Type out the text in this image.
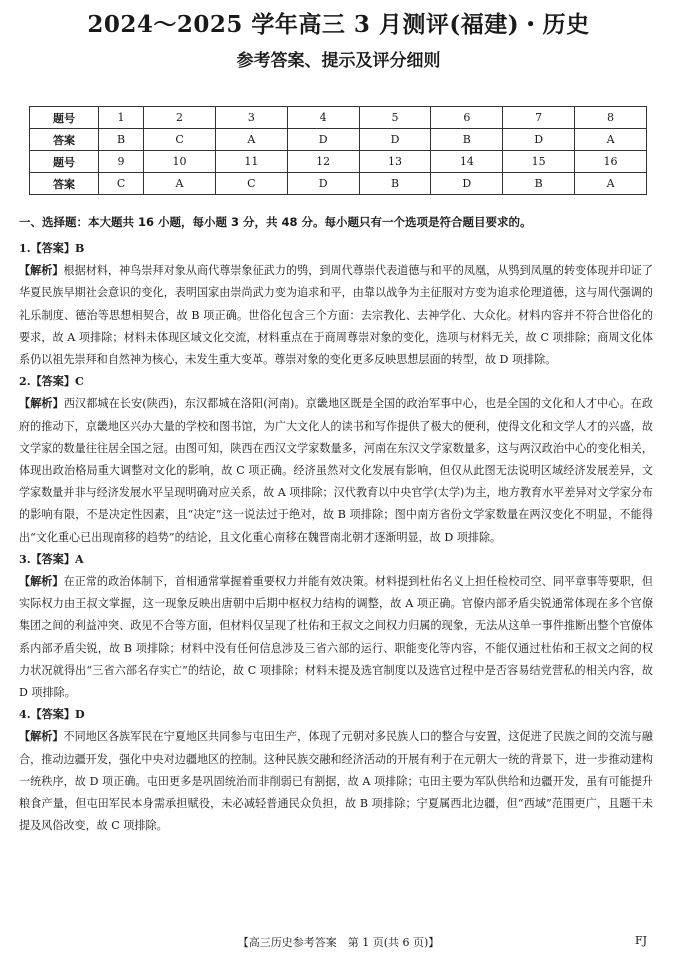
2024～2025 学年高三 3 月测评(福建)・历史
参考答案、提示及评分细则
题号	1	2	3	4	5	6	7	8
答案	B	C	A	D	D	B	D	A
题号	9	10	11	12	13	14	15	16
答案	C	A	C	D	B	D	B	A
一、选择题：本大题共 16 小题，每小题 3 分，共 48 分。每小题只有一个选项是符合题目要求的。

1.【答案】B

【解析】根据材料，神鸟崇拜对象从商代尊崇象征武力的鸮，到周代尊崇代表道德与和平的凤凰，从鸮到凤凰的转变体现并印证了华夏民族早期社会意识的变化，表明国家由崇尚武力变为追求和平，由靠以战争为主征服对方变为追求伦理道德，这与周代强调的礼乐制度、德治等思想相契合，故 B 项正确。世俗化包含三个方面：去宗教化、去神学化、大众化。材料内容并不符合世俗化的要求，故 A 项排除；材料未体现区域文化交流，材料重点在于商周尊崇对象的变化，选项与材料无关，故 C 项排除；商周文化体系仍以祖先崇拜和自然神为核心，未发生重大变革。尊崇对象的变化更多反映思想层面的转型，故 D 项排除。

2.【答案】C

【解析】西汉都城在长安(陕西)，东汉都城在洛阳(河南)。京畿地区既是全国的政治军事中心，也是全国的文化和人才中心。在政府的推动下，京畿地区兴办大量的学校和图书馆，为广大文化人的读书和写作提供了极大的便利，使得文化和文学人才的兴盛，故文学家的数量往往居全国之冠。由图可知，陕西在西汉文学家数量多，河南在东汉文学家数量多，这与两汉政治中心的变化相关，体现出政治格局重大调整对文化的影响，故 C 项正确。经济虽然对文化发展有影响，但仅从此图无法说明区域经济发展差异，文学家数量并非与经济发展水平呈现明确对应关系，故 A 项排除；汉代教育以中央官学(太学)为主，地方教育水平差异对文学家分布的影响有限，不是决定性因素，且“决定”这一说法过于绝对，故 B 项排除；图中南方省份文学家数量在两汉变化不明显，不能得出“文化重心已出现南移的趋势”的结论，且文化重心南移在魏晋南北朝才逐渐明显，故 D 项排除。

3.【答案】A

【解析】在正常的政治体制下，首相通常掌握着重要权力并能有效决策。材料提到杜佑名义上担任检校司空、同平章事等要职，但实际权力由王叔文掌握，这一现象反映出唐朝中后期中枢权力结构的调整，故 A 项正确。官僚内部矛盾尖锐通常体现在多个官僚集团之间的利益冲突、政见不合等方面，但材料仅呈现了杜佑和王叔文之间权力归属的现象，无法从这单一事件推断出整个官僚体系内部矛盾尖锐，故 B 项排除；材料中没有任何信息涉及三省六部的运行、职能变化等内容，不能仅通过杜佑和王叔文之间的权力状况就得出“三省六部名存实亡”的结论，故 C 项排除；材料未提及选官制度以及选官过程中是否容易结党营私的相关内容，故 D 项排除。

4.【答案】D

【解析】不同地区各族军民在宁夏地区共同参与屯田生产，体现了元朝对多民族人口的整合与安置，这促进了民族之间的交流与融合，推动边疆开发，强化中央对边疆地区的控制。这种民族交融和经济活动的开展有利于在元朝大一统的背景下，进一步推动建构一统秩序，故 D 项正确。屯田更多是巩固统治而非削弱已有割据，故 A 项排除；屯田主要为军队供给和边疆开发，虽有可能提升粮食产量，但屯田军民本身需承担赋役，未必减轻普通民众负担，故 B 项排除；宁夏属西北边疆，但“西域”范围更广，且题干未提及风俗改变，故 C 项排除。

【高三历史参考答案　第 1 页(共 6 页)】	FJ
